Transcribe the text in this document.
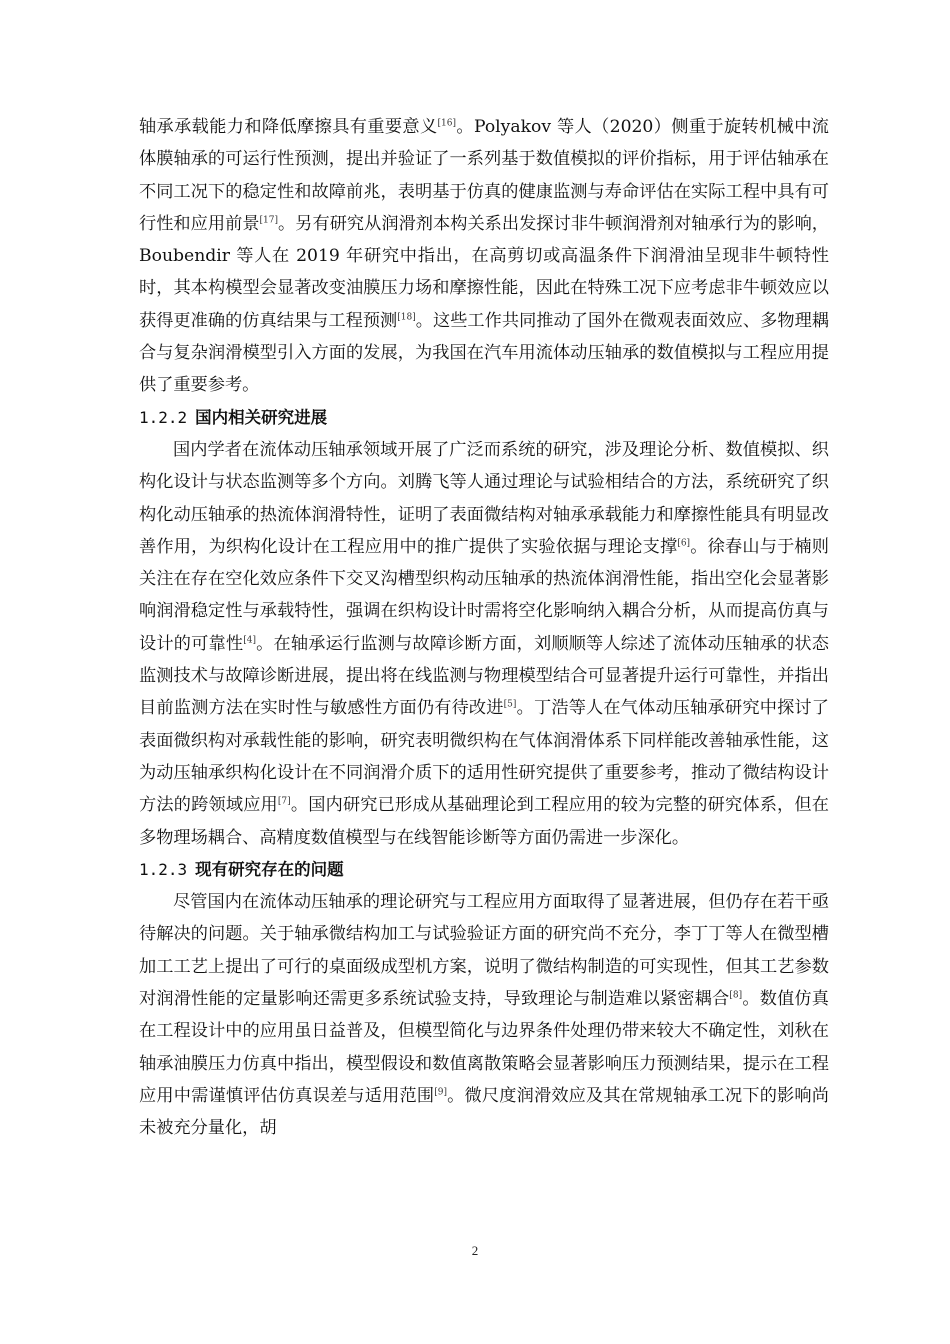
轴承承载能力和降低摩擦具有重要意义[16]。Polyakov 等人（2020）侧重于旋转机械中流体膜轴承的可运行性预测，提出并验证了一系列基于数值模拟的评价指标，用于评估轴承在不同工况下的稳定性和故障前兆，表明基于仿真的健康监测与寿命评估在实际工程中具有可行性和应用前景[17]。另有研究从润滑剂本构关系出发探讨非牛顿润滑剂对轴承行为的影响，Boubendir 等人在 2019 年研究中指出，在高剪切或高温条件下润滑油呈现非牛顿特性时，其本构模型会显著改变油膜压力场和摩擦性能，因此在特殊工况下应考虑非牛顿效应以获得更准确的仿真结果与工程预测[18]。这些工作共同推动了国外在微观表面效应、多物理耦合与复杂润滑模型引入方面的发展，为我国在汽车用流体动压轴承的数值模拟与工程应用提供了重要参考。

1.2.2 国内相关研究进展

国内学者在流体动压轴承领域开展了广泛而系统的研究，涉及理论分析、数值模拟、织构化设计与状态监测等多个方向。刘腾飞等人通过理论与试验相结合的方法，系统研究了织构化动压轴承的热流体润滑特性，证明了表面微结构对轴承承载能力和摩擦性能具有明显改善作用，为织构化设计在工程应用中的推广提供了实验依据与理论支撑[6]。徐春山与于楠则关注在存在空化效应条件下交叉沟槽型织构动压轴承的热流体润滑性能，指出空化会显著影响润滑稳定性与承载特性，强调在织构设计时需将空化影响纳入耦合分析，从而提高仿真与设计的可靠性[4]。在轴承运行监测与故障诊断方面，刘顺顺等人综述了流体动压轴承的状态监测技术与故障诊断进展，提出将在线监测与物理模型结合可显著提升运行可靠性，并指出目前监测方法在实时性与敏感性方面仍有待改进[5]。丁浩等人在气体动压轴承研究中探讨了表面微织构对承载性能的影响，研究表明微织构在气体润滑体系下同样能改善轴承性能，这为动压轴承织构化设计在不同润滑介质下的适用性研究提供了重要参考，推动了微结构设计方法的跨领域应用[7]。国内研究已形成从基础理论到工程应用的较为完整的研究体系，但在多物理场耦合、高精度数值模型与在线智能诊断等方面仍需进一步深化。

1.2.3 现有研究存在的问题

尽管国内在流体动压轴承的理论研究与工程应用方面取得了显著进展，但仍存在若干亟待解决的问题。关于轴承微结构加工与试验验证方面的研究尚不充分，李丁丁等人在微型槽加工工艺上提出了可行的桌面级成型机方案，说明了微结构制造的可实现性，但其工艺参数对润滑性能的定量影响还需更多系统试验支持，导致理论与制造难以紧密耦合[8]。数值仿真在工程设计中的应用虽日益普及，但模型简化与边界条件处理仍带来较大不确定性，刘秋在轴承油膜压力仿真中指出，模型假设和数值离散策略会显著影响压力预测结果，提示在工程应用中需谨慎评估仿真误差与适用范围[9]。微尺度润滑效应及其在常规轴承工况下的影响尚未被充分量化，胡

2
